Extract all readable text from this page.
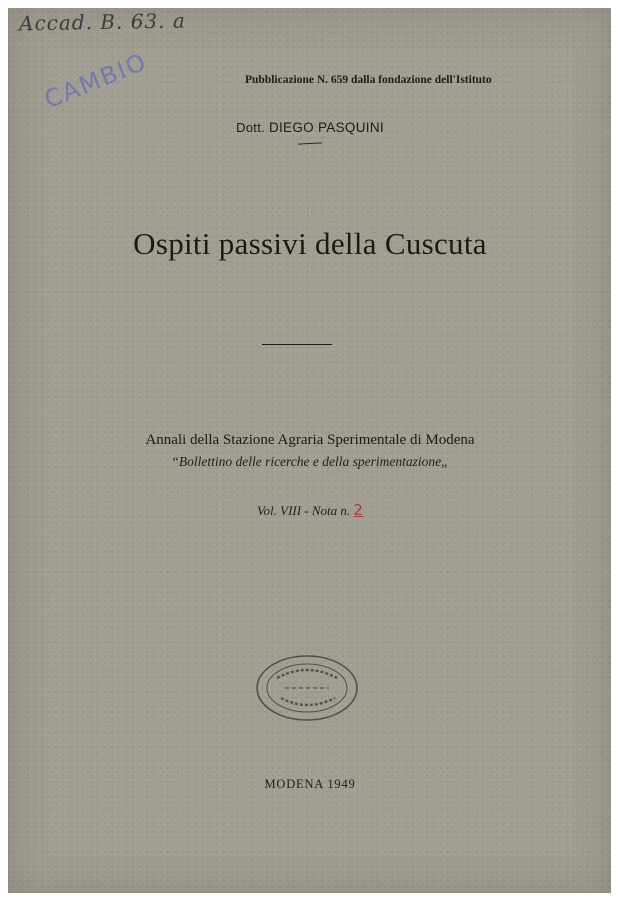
Accad. B. 63. a
Pubblicazione N. 659 dalla fondazione dell'Istituto
CAMBIO
Dott. DIEGO PASQUINI
Ospiti passivi della Cuscuta
Annali della Stazione Agraria Sperimentale di Modena
“Bollettino delle ricerche e della sperimentazione„
Vol. VIII - Nota n. 2
MODENA 1949
